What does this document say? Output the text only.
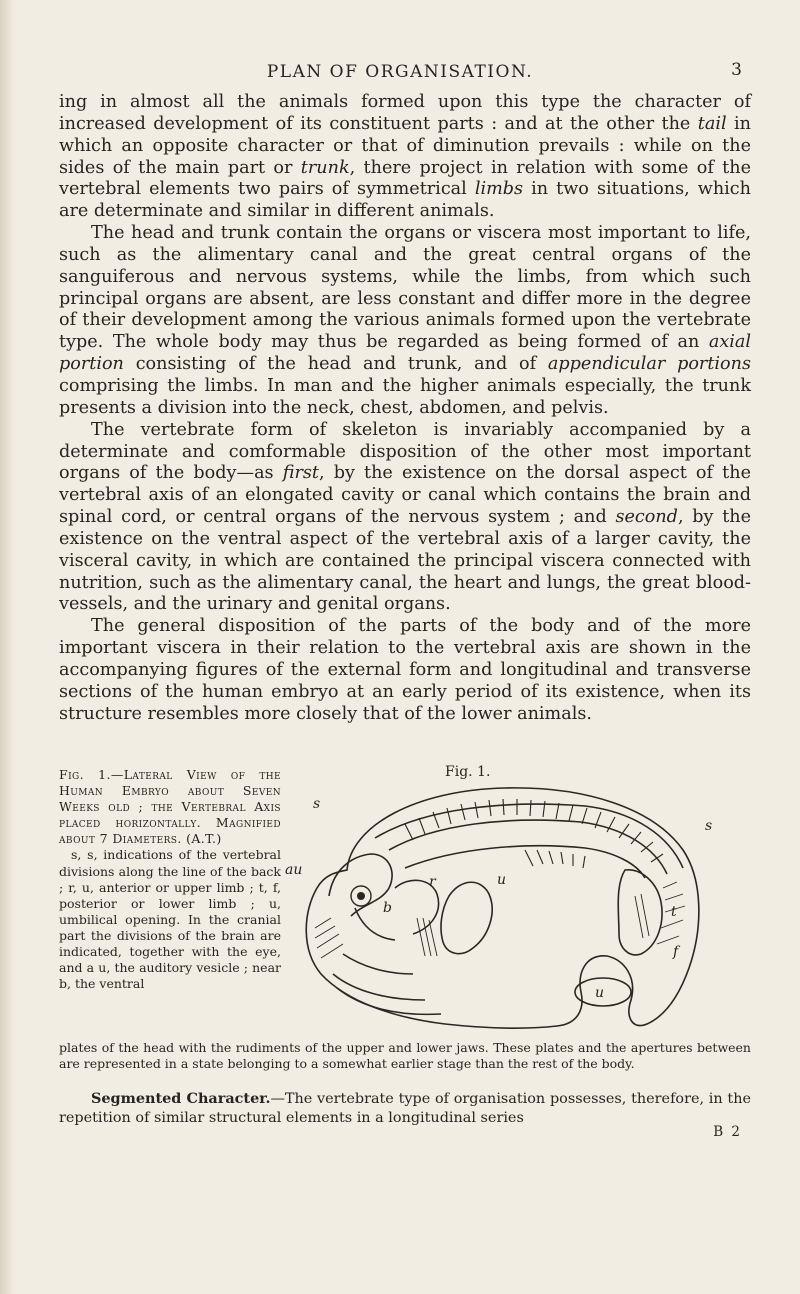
PLAN OF ORGANISATION.	3

ing in almost all the animals formed upon this type the character of increased development of its constituent parts : and at the other the tail in which an opposite character or that of diminution prevails : while on the sides of the main part or trunk, there project in relation with some of the vertebral elements two pairs of symmetrical limbs in two situations, which are determinate and similar in different animals.

The head and trunk contain the organs or viscera most important to life, such as the alimentary canal and the great central organs of the sanguiferous and nervous systems, while the limbs, from which such principal organs are absent, are less constant and differ more in the degree of their development among the various animals formed upon the vertebrate type. The whole body may thus be regarded as being formed of an axial portion consisting of the head and trunk, and of appendicular portions comprising the limbs. In man and the higher animals especially, the trunk presents a division into the neck, chest, abdomen, and pelvis.

The vertebrate form of skeleton is invariably accompanied by a determinate and comformable disposition of the other most important organs of the body—as first, by the existence on the dorsal aspect of the vertebral axis of an elongated cavity or canal which contains the brain and spinal cord, or central organs of the nervous system ; and second, by the existence on the ventral aspect of the vertebral axis of a larger cavity, the visceral cavity, in which are contained the principal viscera connected with nutrition, such as the alimentary canal, the heart and lungs, the great blood-vessels, and the urinary and genital organs.

The general disposition of the parts of the body and of the more important viscera in their relation to the vertebral axis are shown in the accompanying figures of the external form and longitudinal and transverse sections of the human embryo at an early period of its existence, when its structure resembles more closely that of the lower animals.

Fig. 1.—Lateral View of the Human Embryo about Seven Weeks old ; the Vertebral Axis placed horizontally. Magnified about 7 Diameters. (A.T.)
s, s, indications of the vertebral divisions along the line of the back ; r, u, anterior or upper limb ; t, f, posterior or lower limb ; u, umbilical opening. In the cranial part the divisions of the brain are indicated, together with the eye, and a u, the auditory vesicle ; near b, the ventral
Fig. 1.
s
s
au
b
r	u
t
f
u
plates of the head with the rudiments of the upper and lower jaws. These plates and the apertures between are represented in a state belonging to a somewhat earlier stage than the rest of the body.
Segmented Character.—The vertebrate type of organisation possesses, therefore, in the repetition of similar structural elements in a longitudinal series
B 2
